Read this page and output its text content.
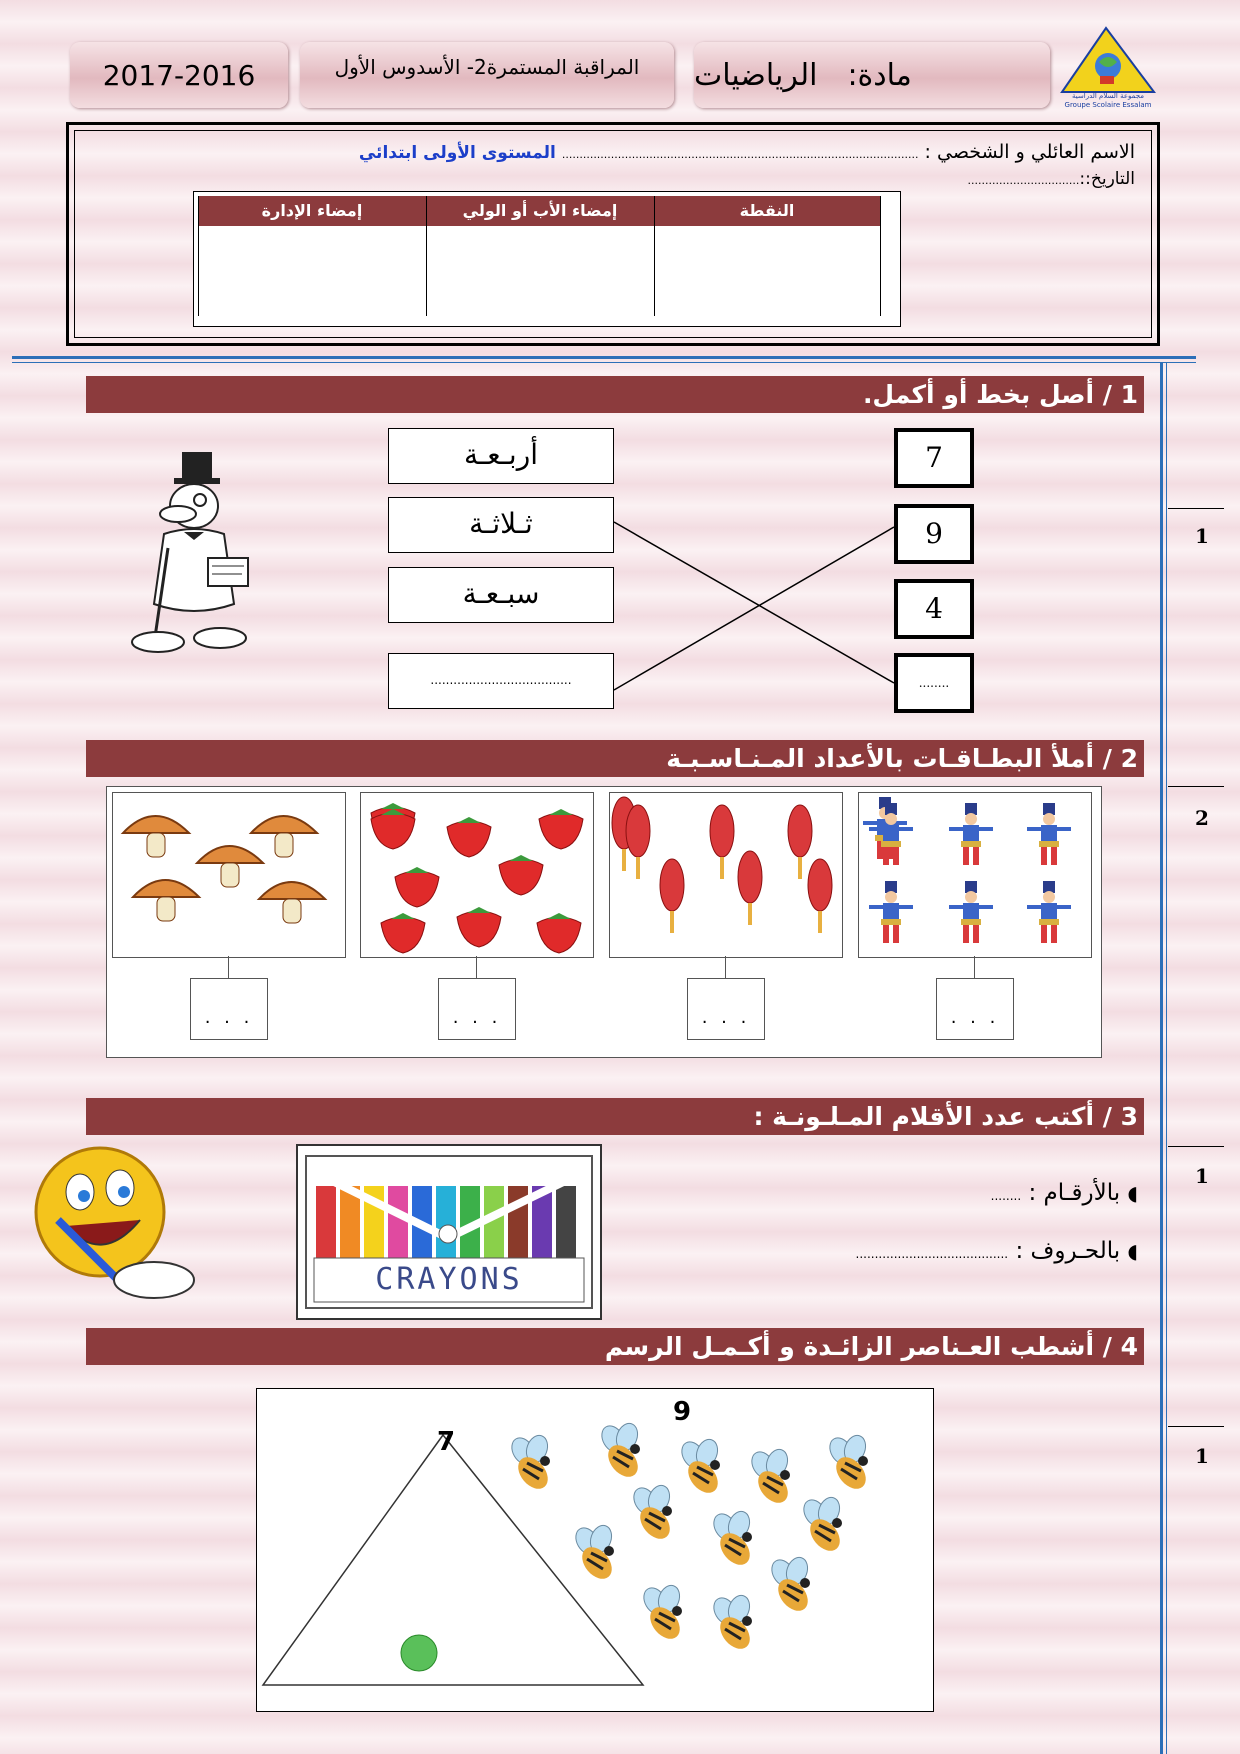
مجموعة السلام الدراسية
Groupe Scolaire Essalam
مادة:
الرياضيات
المراقبة المستمرة2- الأسدوس الأول
2017-2016
الاسم العائلي و الشخصي : ...................................................................................................... المستوى الأولى ابتدائي
التاريخ::................................
النقطة
إمضاء الأب أو الولي
إمضاء الإدارة
1
2
1
1
1 / أصل بخط أو أكمل.
أربـعـة
ثـلاثـة
سبـعـة
.....................................
7
9
4
........
2 / أملأ البطـاقـات بالأعداد المـنـاسـبـة
. . .	. . .	. . .	. . .
3 / أكتب عدد الأقلام المـلـونـة :
CRAYONS
◖ بالأرقـام : ........
◖ بالحـروف : ........................................
4 / أشطب العـناصر الزائـدة و أكـمـل الرسم
7
9
